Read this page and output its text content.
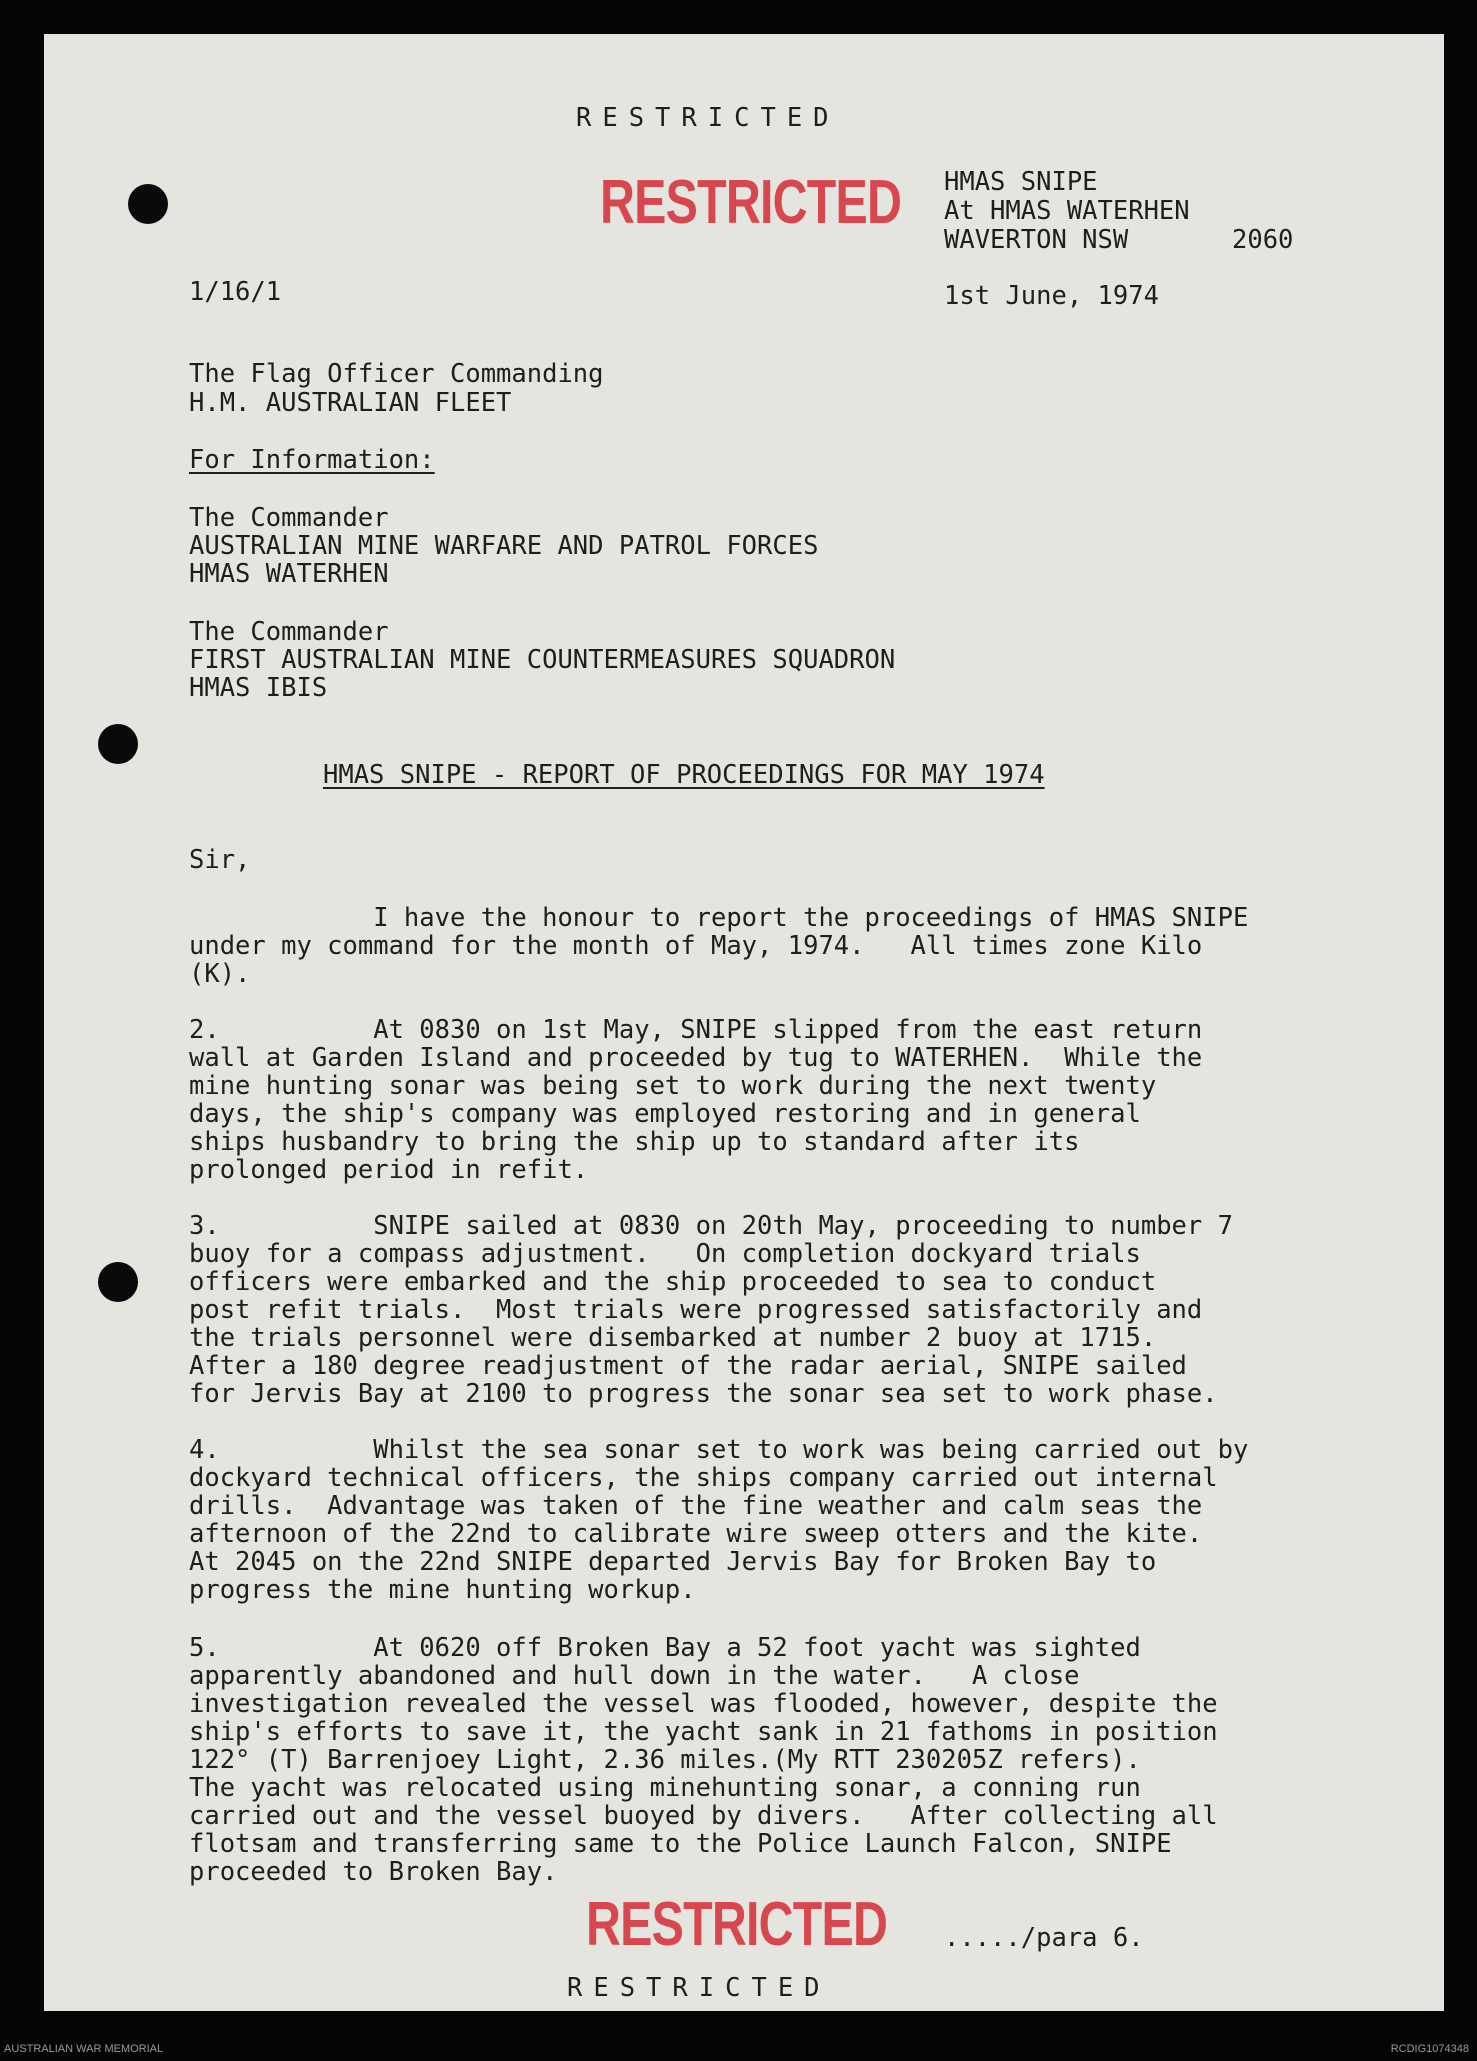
RESTRICTED
RESTRICTED HMAS SNIPE
At HMAS WATERHEN
WAVERTON NSW	2060
1/16/1	1st June, 1974
The Flag Officer Commanding
H.M. AUSTRALIAN FLEET
For Information:
The Commander
AUSTRALIAN MINE WARFARE AND PATROL FORCES
HMAS WATERHEN
The Commander
FIRST AUSTRALIAN MINE COUNTERMEASURES SQUADRON
HMAS IBIS
HMAS SNIPE - REPORT OF PROCEEDINGS FOR MAY 1974
Sir,
I have the honour to report the proceedings of HMAS SNIPE
under my command for the month of May, 1974.   All times zone Kilo
(K).
2.          At 0830 on 1st May, SNIPE slipped from the east return
wall at Garden Island and proceeded by tug to WATERHEN.  While the
mine hunting sonar was being set to work during the next twenty
days, the ship's company was employed restoring and in general
ships husbandry to bring the ship up to standard after its
prolonged period in refit.
3.          SNIPE sailed at 0830 on 20th May, proceeding to number 7
buoy for a compass adjustment.   On completion dockyard trials
officers were embarked and the ship proceeded to sea to conduct
post refit trials.  Most trials were progressed satisfactorily and
the trials personnel were disembarked at number 2 buoy at 1715.
After a 180 degree readjustment of the radar aerial, SNIPE sailed
for Jervis Bay at 2100 to progress the sonar sea set to work phase.
4.          Whilst the sea sonar set to work was being carried out by
dockyard technical officers, the ships company carried out internal
drills.  Advantage was taken of the fine weather and calm seas the
afternoon of the 22nd to calibrate wire sweep otters and the kite.
At 2045 on the 22nd SNIPE departed Jervis Bay for Broken Bay to
progress the mine hunting workup.
5.          At 0620 off Broken Bay a 52 foot yacht was sighted
apparently abandoned and hull down in the water.   A close
investigation revealed the vessel was flooded, however, despite the
ship's efforts to save it, the yacht sank in 21 fathoms in position
122° (T) Barrenjoey Light, 2.36 miles.(My RTT 230205Z refers).
The yacht was relocated using minehunting sonar, a conning run
carried out and the vessel buoyed by divers.   After collecting all
flotsam and transferring same to the Police Launch Falcon, SNIPE
proceeded to Broken Bay.
RESTRICTED ...../para 6.
RESTRICTED
AUSTRALIAN WAR MEMORIAL	RCDIG1074348
